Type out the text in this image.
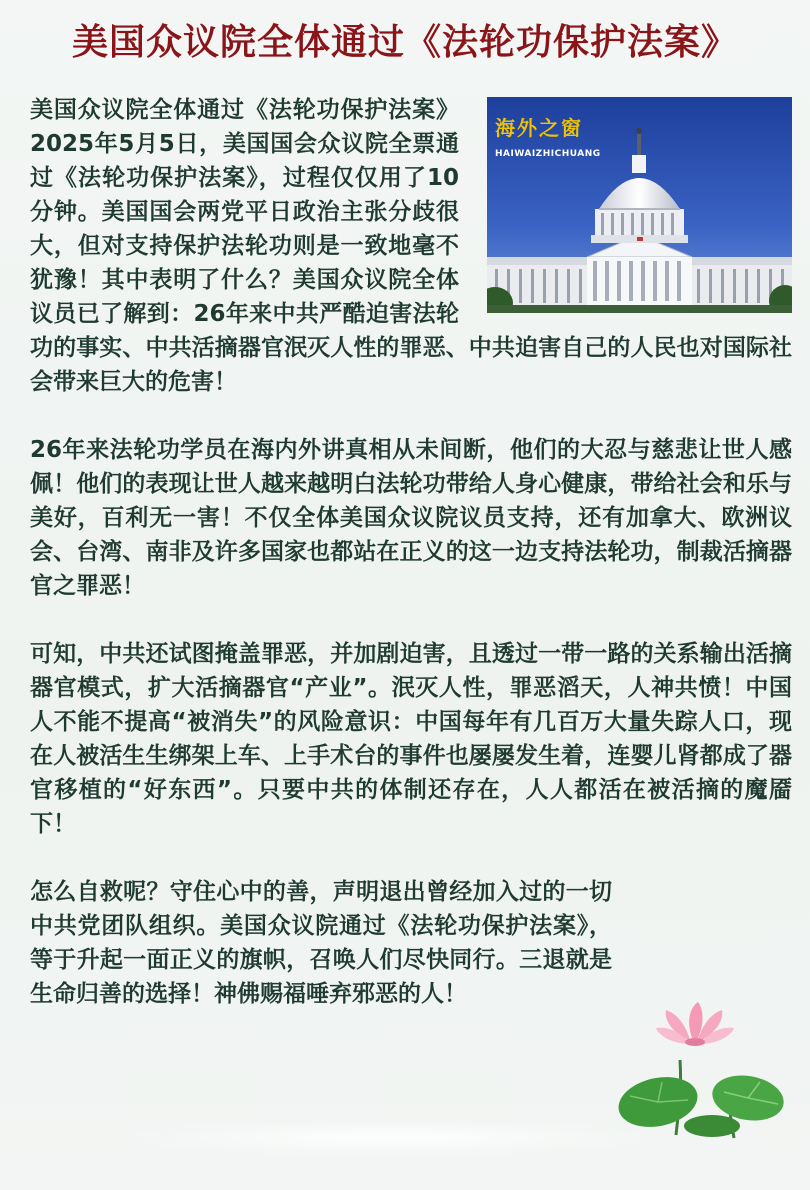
美国众议院全体通过《法轮功保护法案》
海外之窗
HAIWAIZHICHUANG

美国众议院全体通过《法轮功保护法案》2025年5月5日，美国国会众议院全票通过《法轮功保护法案》，过程仅仅用了10分钟。美国国会两党平日政治主张分歧很大，但对支持保护法轮功则是一致地毫不犹豫！其中表明了什么？美国众议院全体议员已了解到：26年来中共严酷迫害法轮功的事实、中共活摘器官泯灭人性的罪恶、中共迫害自己的人民也对国际社会带来巨大的危害！

26年来法轮功学员在海内外讲真相从未间断，他们的大忍与慈悲让世人感佩！他们的表现让世人越来越明白法轮功带给人身心健康，带给社会和乐与美好，百利无一害！不仅全体美国众议院议员支持，还有加拿大、欧洲议会、台湾、南非及许多国家也都站在正义的这一边支持法轮功，制裁活摘器官之罪恶！

可知，中共还试图掩盖罪恶，并加剧迫害，且透过一带一路的关系输出活摘器官模式，扩大活摘器官“产业”。泯灭人性，罪恶滔天，人神共愤！中国人不能不提高“被消失”的风险意识：中国每年有几百万大量失踪人口，现在人被活生生绑架上车、上手术台的事件也屡屡发生着，连婴儿肾都成了器官移植的“好东西”。只要中共的体制还存在，人人都活在被活摘的魔靥下！

怎么自救呢？守住心中的善，声明退出曾经加入过的一切中共党团队组织。美国众议院通过《法轮功保护法案》，等于升起一面正义的旗帜，召唤人们尽快同行。三退就是生命归善的选择！神佛赐福唾弃邪恶的人！
